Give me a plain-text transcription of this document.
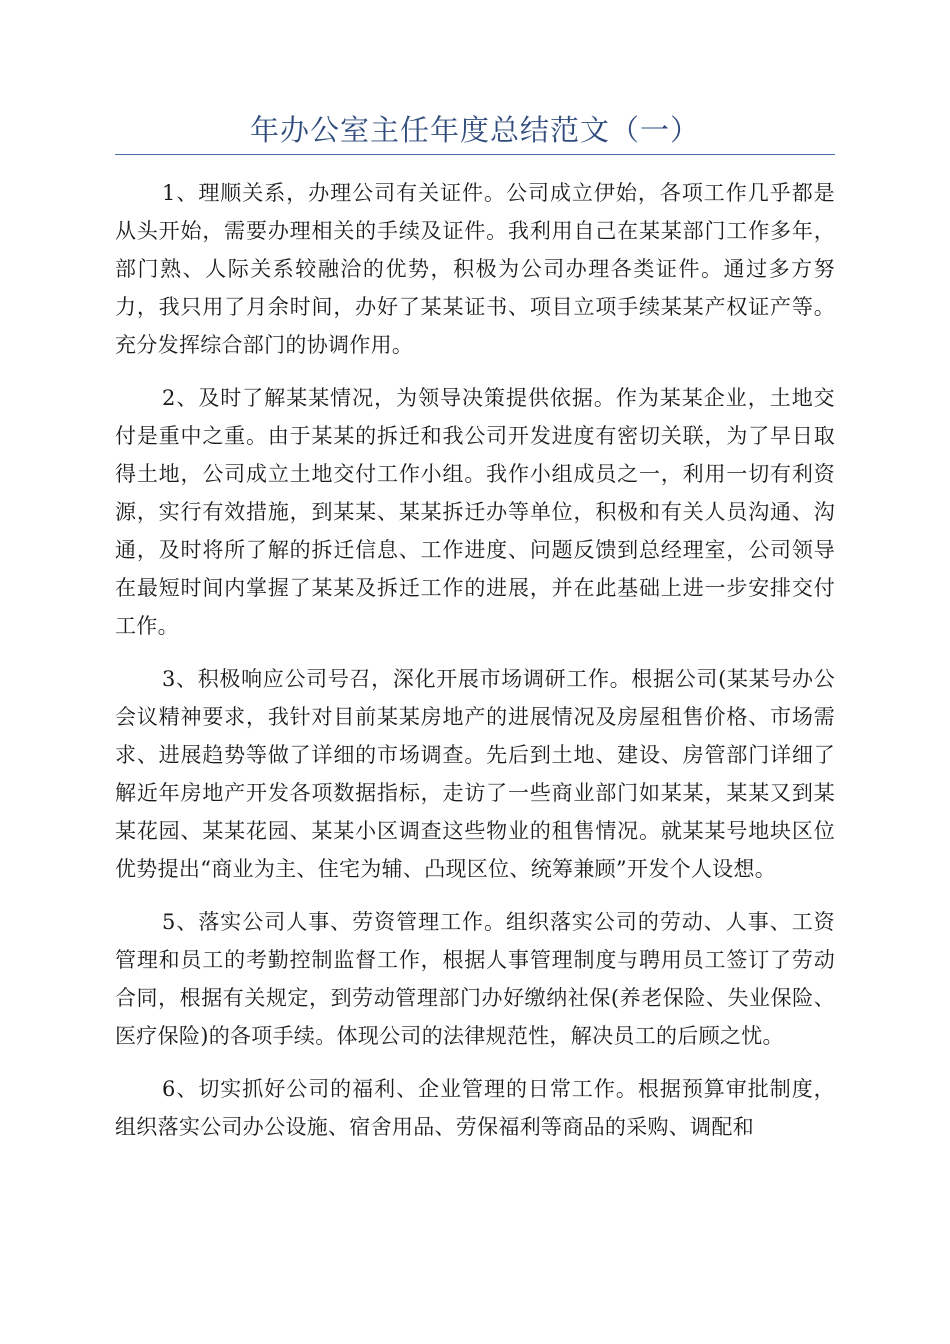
年办公室主任年度总结范文（一）

1、理顺关系，办理公司有关证件。公司成立伊始，各项工作几乎都是从头开始，需要办理相关的手续及证件。我利用自己在某某部门工作多年，部门熟、人际关系较融洽的优势，积极为公司办理各类证件。通过多方努力，我只用了月余时间，办好了某某证书、项目立项手续某某产权证产等。充分发挥综合部门的协调作用。

2、及时了解某某情况，为领导决策提供依据。作为某某企业，土地交付是重中之重。由于某某的拆迁和我公司开发进度有密切关联，为了早日取得土地，公司成立土地交付工作小组。我作小组成员之一，利用一切有利资源，实行有效措施，到某某、某某拆迁办等单位，积极和有关人员沟通、沟通，及时将所了解的拆迁信息、工作进度、问题反馈到总经理室，公司领导在最短时间内掌握了某某及拆迁工作的进展，并在此基础上进一步安排交付工作。

3、积极响应公司号召，深化开展市场调研工作。根据公司(某某号办公会议精神要求，我针对目前某某房地产的进展情况及房屋租售价格、市场需求、进展趋势等做了详细的市场调查。先后到土地、建设、房管部门详细了解近年房地产开发各项数据指标，走访了一些商业部门如某某，某某又到某某花园、某某花园、某某小区调查这些物业的租售情况。就某某号地块区位优势提出“商业为主、住宅为辅、凸现区位、统筹兼顾”开发个人设想。

5、落实公司人事、劳资管理工作。组织落实公司的劳动、人事、工资管理和员工的考勤控制监督工作，根据人事管理制度与聘用员工签订了劳动合同，根据有关规定，到劳动管理部门办好缴纳社保(养老保险、失业保险、医疗保险)的各项手续。体现公司的法律规范性，解决员工的后顾之忧。

6、切实抓好公司的福利、企业管理的日常工作。根据预算审批制度，组织落实公司办公设施、宿舍用品、劳保福利等商品的采购、调配和
